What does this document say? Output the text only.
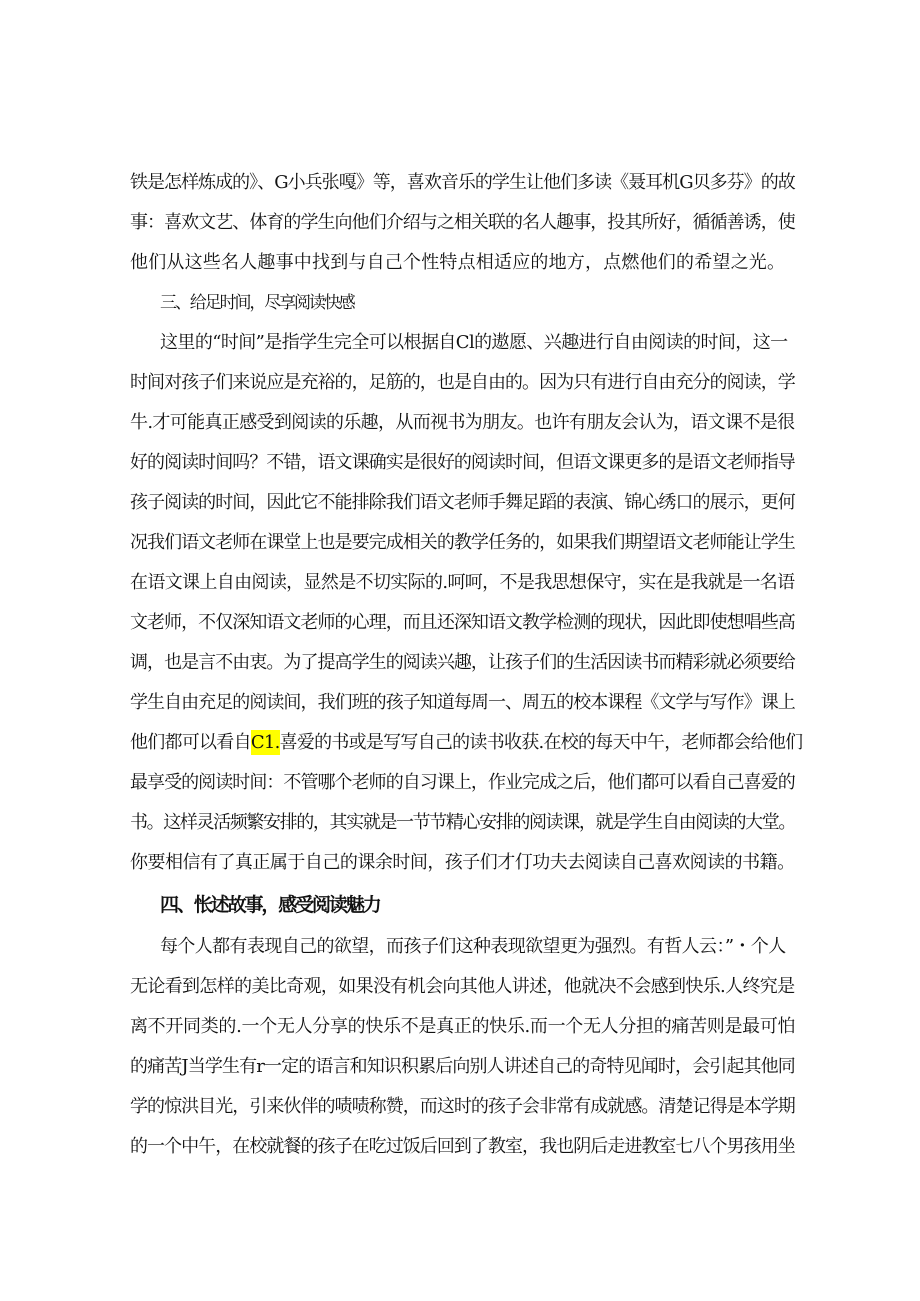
铁是怎样炼成的》、G小兵张嘎》等，喜欢音乐的学生让他们多读《聂耳机G贝多芬》的故
事：喜欢文艺、体育的学生向他们介绍与之相关联的名人趣事，投其所好，循循善诱，使
他们从这些名人趣事中找到与自己个性特点相适应的地方，点燃他们的希望之光。
三、给足时间，尽享阅读快感
这里的“时间”是指学生完全可以根据自Cl的遨愿、兴趣进行自由阅读的时间，这一
时间对孩子们来说应是充裕的，足筋的，也是自由的。因为只有进行自由充分的阅读，学
牛.才可能真正感受到阅读的乐趣，从而视书为朋友。也许有朋友会认为，语文课不是很
好的阅读时间吗？不错，语文课确实是很好的阅读时间，但语文课更多的是语文老师指导
孩子阅读的时间，因此它不能排除我们语文老师手舞足蹈的表演、锦心绣口的展示，更何
况我们语文老师在课堂上也是要完成相关的教学任务的，如果我们期望语文老师能让学生
在语文课上自由阅读，显然是不切实际的.呵呵，不是我思想保守，实在是我就是一名语
文老师，不仅深知语文老师的心理，而且还深知语文教学检测的现状，因此即使想唱些高
调，也是言不由衷。为了提高学生的阅读兴趣，让孩子们的生活因读书而精彩就必须要给
学生自由充足的阅读间，我们班的孩子知道每周一、周五的校本课程《文学与写作》课上
他们都可以看自C1.喜爱的书或是写写自己的读书收获.在校的每天中午，老师都会给他们
最享受的阅读时间：不管哪个老师的自习课上，作业完成之后，他们都可以看自己喜爱的
书。这样灵活频繁安排的，其实就是一节节精心安排的阅读课，就是学生自由阅读的大堂。
你要相信有了真正属于自己的课余时间，孩子们才仃功夫去阅读自己喜欢阅读的书籍。
四、怅述故事，感受阅读魅力
每个人都有表现自己的欲望，而孩子们这种表现欲望更为强烈。有哲人云：”・个人
无论看到怎样的美比奇观，如果没有机会向其他人讲述，他就决不会感到快乐.人终究是
离不开同类的.一个无人分享的快乐不是真正的快乐.而一个无人分担的痛苦则是最可怕
的痛苦J当学生有r一定的语言和知识积累后向别人讲述自己的奇特见闻时，会引起其他同
学的惊洪目光，引来伙伴的啧啧称赞，而这时的孩子会非常有成就感。清楚记得是本学期
的一个中午，在校就餐的孩子在吃过饭后回到了教室，我也阴后走进教室七八个男孩用坐
